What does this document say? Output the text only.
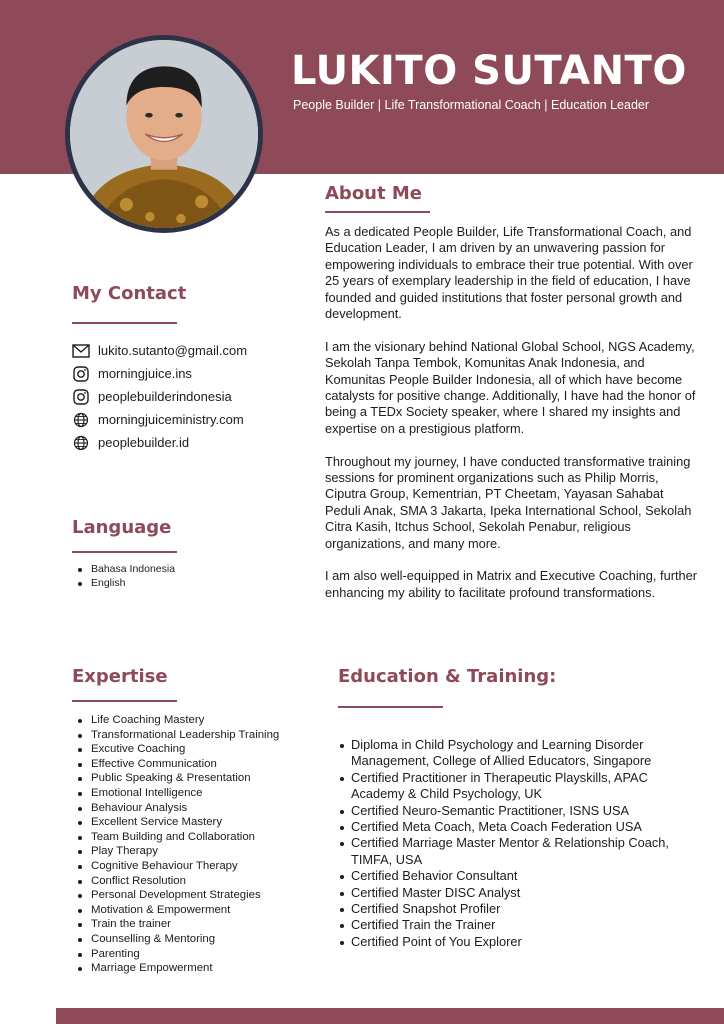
LUKITO SUTANTO
People Builder | Life Transformational Coach | Education Leader
About Me

As a dedicated People Builder, Life Transformational Coach, and Education Leader, I am driven by an unwavering passion for empowering individuals to embrace their true potential. With over 25 years of exemplary leadership in the field of education, I have founded and guided institutions that foster personal growth and development.

I am the visionary behind National Global School, NGS Academy, Sekolah Tanpa Tembok, Komunitas Anak Indonesia, and Komunitas People Builder Indonesia, all of which have become catalysts for positive change. Additionally, I have had the honor of being a TEDx Society speaker, where I shared my insights and expertise on a prestigious platform.

Throughout my journey, I have conducted transformative training sessions for prominent organizations such as Philip Morris, Ciputra Group, Kementrian, PT Cheetam, Yayasan Sahabat Peduli Anak, SMA 3 Jakarta, Ipeka International School, Sekolah Citra Kasih, Itchus School, Sekolah Penabur, religious organizations, and many more.

I am also well-equipped in Matrix and Executive Coaching, further enhancing my ability to facilitate profound transformations.

My Contact
lukito.sutanto@gmail.com
morningjuice.ins
peoplebuilderindonesia
morningjuiceministry.com
peoplebuilder.id
Language
Bahasa Indonesia
English
Expertise
Life Coaching Mastery
Transformational Leadership Training
Excutive Coaching
Effective Communication
Public Speaking & Presentation
Emotional Intelligence
Behaviour Analysis
Excellent Service Mastery
Team Building and Collaboration
Play Therapy
Cognitive Behaviour Therapy
Conflict Resolution
Personal Development Strategies
Motivation & Empowerment
Train the trainer
Counselling & Mentoring
Parenting
Marriage Empowerment
Education & Training:
Diploma in Child Psychology and Learning Disorder Management, College of Allied Educators, Singapore
Certified Practitioner in Therapeutic Playskills, APAC Academy & Child Psychology, UK
Certified Neuro-Semantic Practitioner, ISNS USA
Certified Meta Coach, Meta Coach Federation USA
Certified Marriage Master Mentor & Relationship Coach, TIMFA, USA
Certified Behavior Consultant
Certified Master DISC Analyst
Certified Snapshot Profiler
Certified Train the Trainer
Certified Point of You Explorer
